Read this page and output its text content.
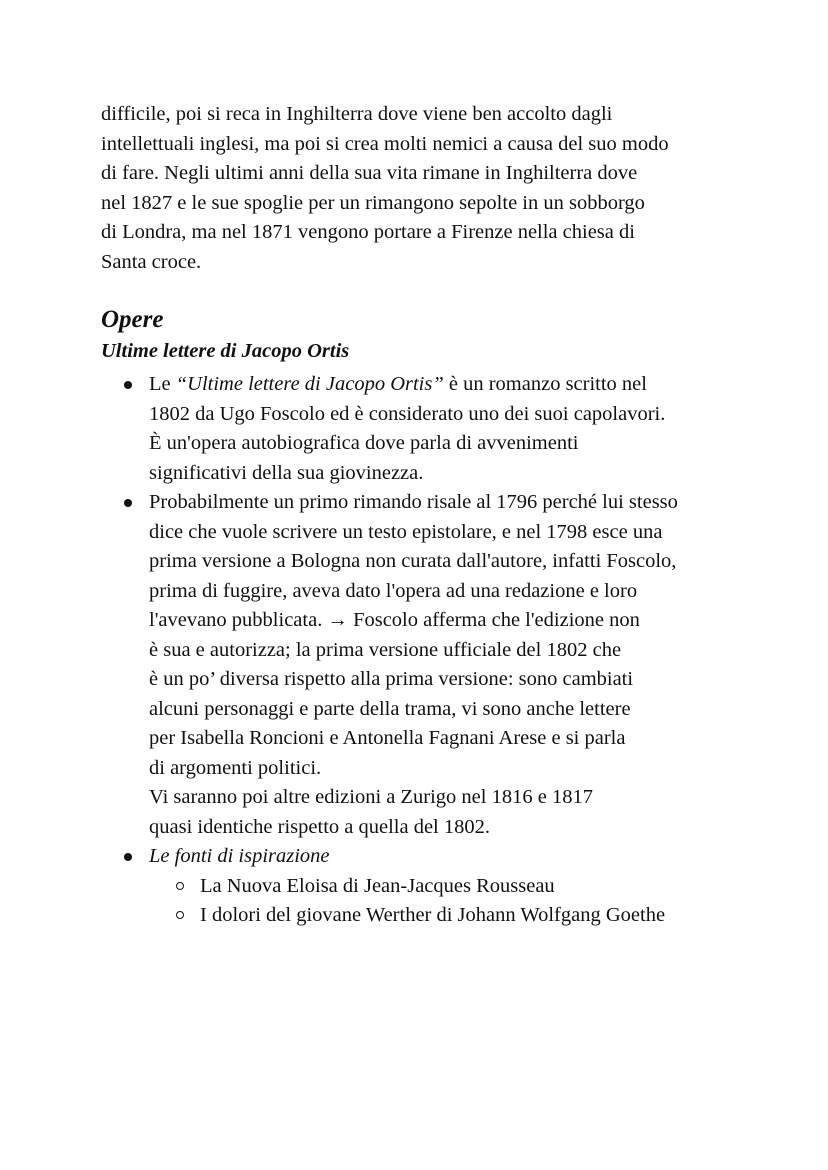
difficile, poi si reca in Inghilterra dove viene ben accolto dagli
intellettuali inglesi, ma poi si crea molti nemici a causa del suo modo
di fare. Negli ultimi anni della sua vita rimane in Inghilterra dove
nel 1827 e le sue spoglie per un rimangono sepolte in un sobborgo
di Londra, ma nel 1871 vengono portare a Firenze nella chiesa di
Santa croce.
Opere
Ultime lettere di Jacopo Ortis
Le “Ultime lettere di Jacopo Ortis” è un romanzo scritto nel
1802 da Ugo Foscolo ed è considerato uno dei suoi capolavori.
È un'opera autobiografica dove parla di avvenimenti
significativi della sua giovinezza.
Probabilmente un primo rimando risale al 1796 perché lui stesso
dice che vuole scrivere un testo epistolare, e nel 1798 esce una
prima versione a Bologna non curata dall'autore, infatti Foscolo,
prima di fuggire, aveva dato l'opera ad una redazione e loro
l'avevano pubblicata. → Foscolo afferma che l'edizione non
è sua e autorizza; la prima versione ufficiale del 1802 che
è un po’ diversa rispetto alla prima versione: sono cambiati
alcuni personaggi e parte della trama, vi sono anche lettere
per Isabella Roncioni e Antonella Fagnani Arese e si parla
di argomenti politici.
Vi saranno poi altre edizioni a Zurigo nel 1816 e 1817
quasi identiche rispetto a quella del 1802.
Le fonti di ispirazione
La Nuova Eloisa di Jean-Jacques Rousseau
I dolori del giovane Werther di Johann Wolfgang Goethe
